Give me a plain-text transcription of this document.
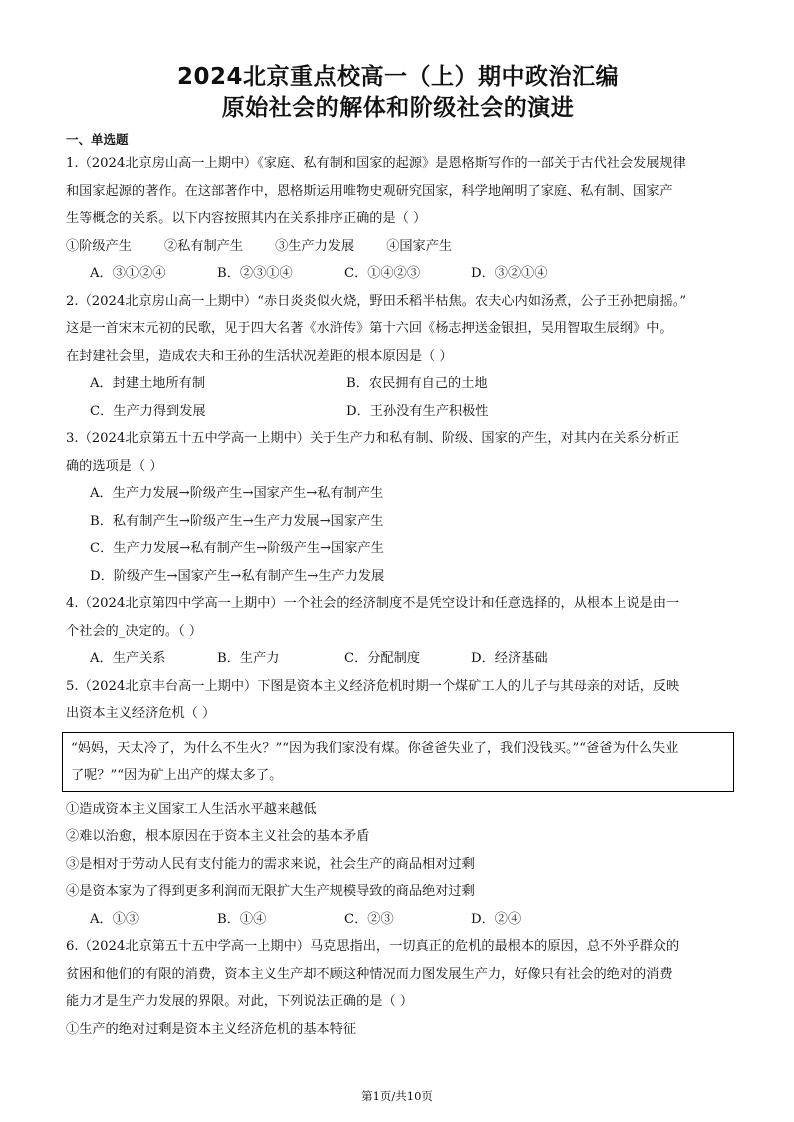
2024北京重点校高一（上）期中政治汇编
原始社会的解体和阶级社会的演进
一、单选题
1.（2024北京房山高一上期中）《家庭、私有制和国家的起源》是恩格斯写作的一部关于古代社会发展规律
和国家起源的著作。在这部著作中，恩格斯运用唯物史观研究国家，科学地阐明了家庭、私有制、国家产
生等概念的关系。以下内容按照其内在关系排序正确的是（ ）
①阶级产生 ②私有制产生 ③生产力发展 ④国家产生
A．③①②④	B．②③①④	C．①④②③	D．③②①④
2.（2024北京房山高一上期中）“赤日炎炎似火烧，野田禾稻半枯焦。农夫心内如汤煮，公子王孙把扇摇。”
这是一首宋末元初的民歌，见于四大名著《水浒传》第十六回《杨志押送金银担，吴用智取生辰纲》中。
在封建社会里，造成农夫和王孙的生活状况差距的根本原因是（ ）
A．封建土地所有制	B．农民拥有自己的土地
C．生产力得到发展	D．王孙没有生产积极性
3.（2024北京第五十五中学高一上期中）关于生产力和私有制、阶级、国家的产生，对其内在关系分析正
确的选项是（ ）
A．生产力发展→阶级产生→国家产生→私有制产生
B．私有制产生→阶级产生→生产力发展→国家产生
C．生产力发展→私有制产生→阶级产生→国家产生
D．阶级产生→国家产生→私有制产生→生产力发展
4.（2024北京第四中学高一上期中）一个社会的经济制度不是凭空设计和任意选择的，从根本上说是由一
个社会的_决定的。（ ）
A．生产关系	B．生产力	C．分配制度	D．经济基础
5.（2024北京丰台高一上期中）下图是资本主义经济危机时期一个煤矿工人的儿子与其母亲的对话，反映
出资本主义经济危机（ ）
“妈妈，天太冷了，为什么不生火？”“因为我们家没有煤。你爸爸失业了，我们没钱买。”“爸爸为什么失业
了呢？”“因为矿上出产的煤太多了。
①造成资本主义国家工人生活水平越来越低
②难以治愈，根本原因在于资本主义社会的基本矛盾
③是相对于劳动人民有支付能力的需求来说，社会生产的商品相对过剩
④是资本家为了得到更多利润而无限扩大生产规模导致的商品绝对过剩
A．①③	B．①④	C．②③	D．②④
6.（2024北京第五十五中学高一上期中）马克思指出，一切真正的危机的最根本的原因，总不外乎群众的
贫困和他们的有限的消费，资本主义生产却不顾这种情况而力图发展生产力，好像只有社会的绝对的消费
能力才是生产力发展的界限。对此，下列说法正确的是（ ）
①生产的绝对过剩是资本主义经济危机的基本特征
第1页/共10页
